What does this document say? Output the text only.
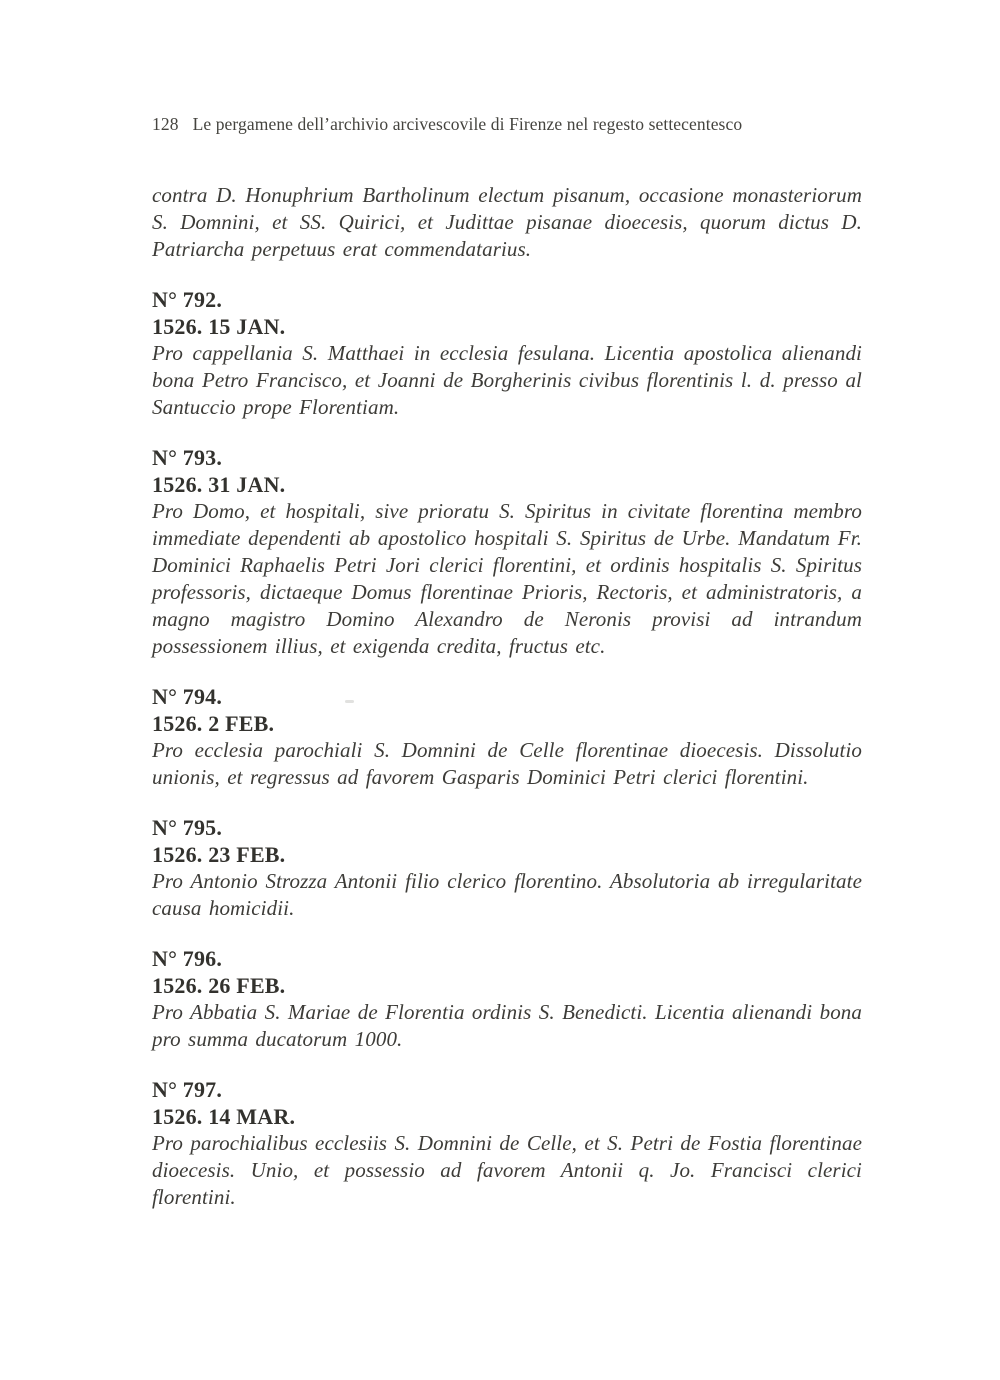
128 Le pergamene dell’archivio arcivescovile di Firenze nel regesto settecentesco

contra D. Honuphrium Bartholinum electum pisanum, occasione monasteriorum S. Domnini, et SS. Quirici, et Judittae pisanae dioecesis, quorum dictus D. Patriarcha perpetuus erat commendatarius.

N° 792.
1526. 15 JAN.

Pro cappellania S. Matthaei in ecclesia fesulana. Licentia apostolica alienandi bona Petro Francisco, et Joanni de Borgherinis civibus florentinis l. d. presso al Santuccio prope Florentiam.

N° 793.
1526. 31 JAN.

Pro Domo, et hospitali, sive prioratu S. Spiritus in civitate florentina membro immediate dependenti ab apostolico hospitali S. Spiritus de Urbe. Mandatum Fr. Dominici Raphaelis Petri Jori clerici florentini, et ordinis hospitalis S. Spiritus professoris, dictaeque Domus florentinae Prioris, Rectoris, et administratoris, a magno magistro Domino Alexandro de Neronis provisi ad intrandum possessionem illius, et exigenda credita, fructus etc.

N° 794.
1526. 2 FEB.

Pro ecclesia parochiali S. Domnini de Celle florentinae dioecesis. Dissolutio unionis, et regressus ad favorem Gasparis Dominici Petri clerici florentini.

N° 795.
1526. 23 FEB.

Pro Antonio Strozza Antonii filio clerico florentino. Absolutoria ab irregularitate causa homicidii.

N° 796.
1526. 26 FEB.

Pro Abbatia S. Mariae de Florentia ordinis S. Benedicti. Licentia alienandi bona pro summa ducatorum 1000.

N° 797.
1526. 14 MAR.

Pro parochialibus ecclesiis S. Domnini de Celle, et S. Petri de Fostia florentinae dioecesis. Unio, et possessio ad favorem Antonii q. Jo. Francisci clerici florentini.
